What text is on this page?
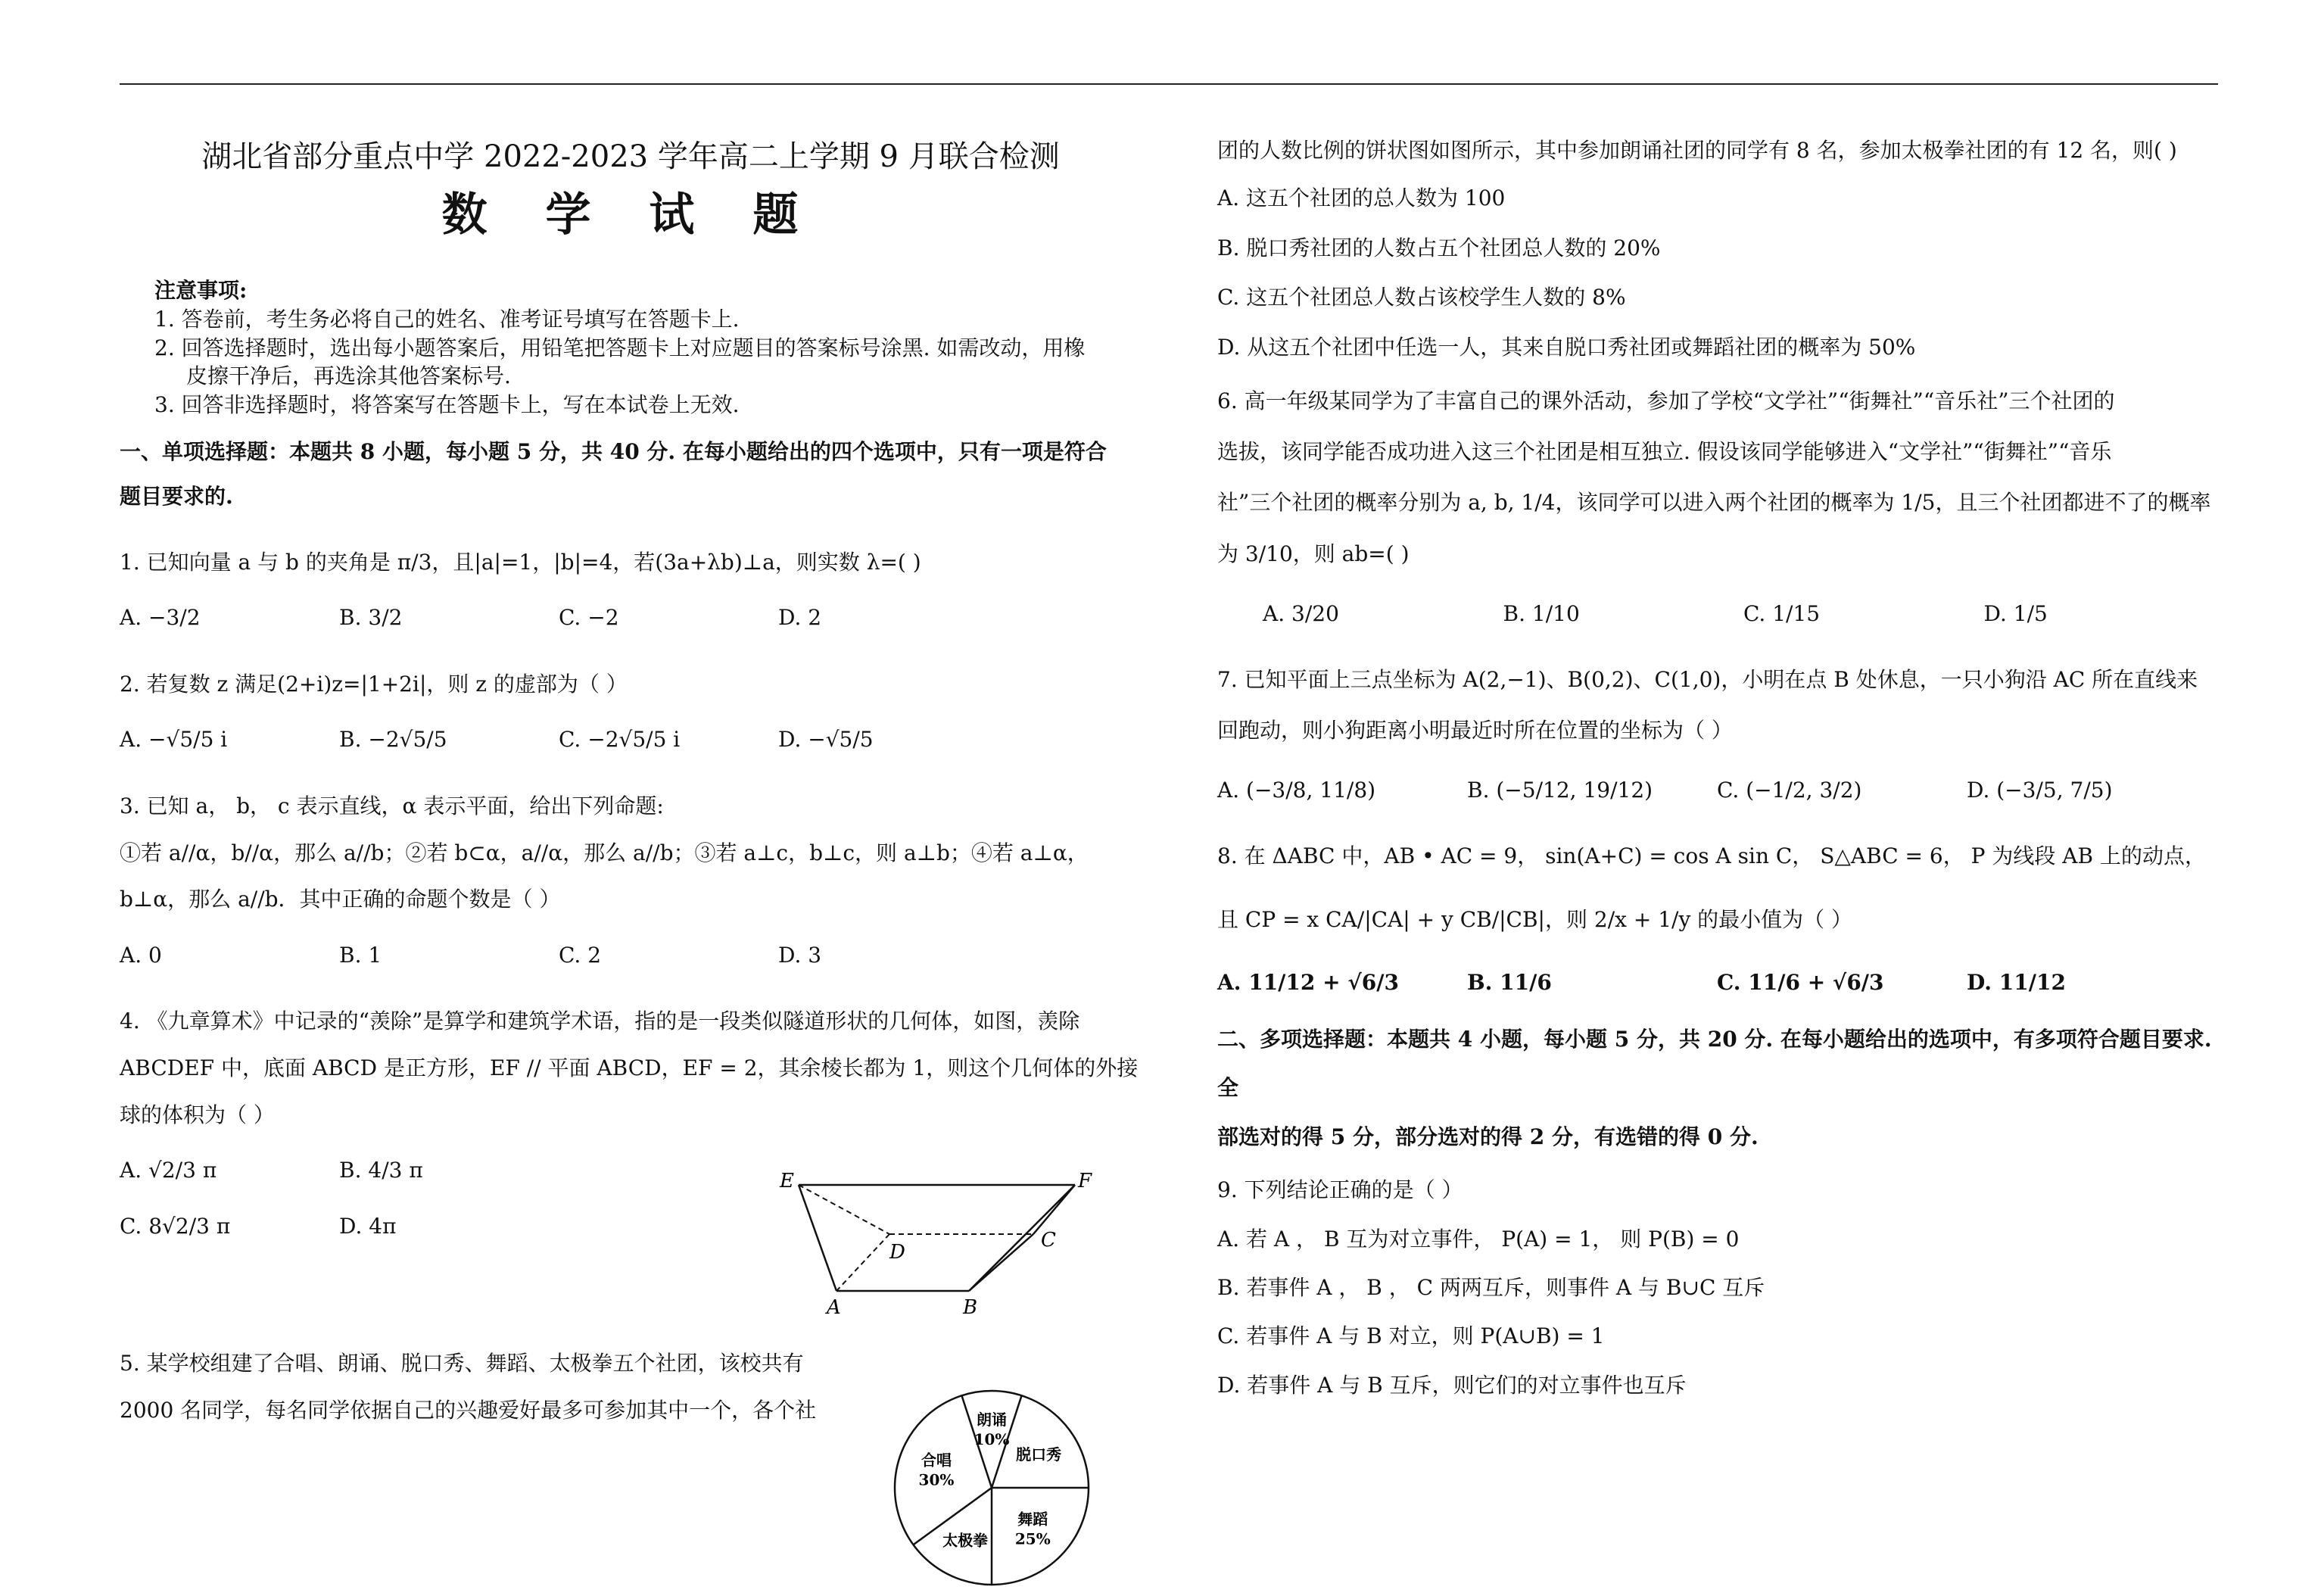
湖北省部分重点中学 2022-2023 学年高二上学期 9 月联合检测
数 学 试 题
注意事项:
1. 答卷前，考生务必将自己的姓名、准考证号填写在答题卡上.
2. 回答选择题时，选出每小题答案后，用铅笔把答题卡上对应题目的答案标号涂黑. 如需改动，用橡
皮擦干净后，再选涂其他答案标号.
3. 回答非选择题时，将答案写在答题卡上，写在本试卷上无效.
一、单项选择题：本题共 8 小题，每小题 5 分，共 40 分. 在每小题给出的四个选项中，只有一项是符合
题目要求的.
1. 已知向量 a 与 b 的夹角是 π/3，且|a|=1，|b|=4，若(3a+λb)⊥a，则实数 λ=( )
A. −3/2	B. 3/2	C. −2	D. 2
2. 若复数 z 满足(2+i)z=|1+2i|，则 z 的虚部为（ ）
A. −√5/5 i	B. −2√5/5	C. −2√5/5 i	D. −√5/5
3. 已知 a， b， c 表示直线，α 表示平面，给出下列命题:
①若 a//α，b//α，那么 a//b；②若 b⊂α，a//α，那么 a//b；③若 a⊥c，b⊥c，则 a⊥b；④若 a⊥α，
b⊥α，那么 a//b．其中正确的命题个数是（ ）
A. 0	B. 1	C. 2	D. 3
4. 《九章算术》中记录的“羡除”是算学和建筑学术语，指的是一段类似隧道形状的几何体，如图，羡除
ABCDEF 中，底面 ABCD 是正方形，EF // 平面 ABCD，EF = 2，其余棱长都为 1，则这个几何体的外接
球的体积为（ ）
A. √2/3 π	B. 4/3 π
C. 8√2/3 π	D. 4π
5. 某学校组建了合唱、朗诵、脱口秀、舞蹈、太极拳五个社团，该校共有
2000 名同学，每名同学依据自己的兴趣爱好最多可参加其中一个，各个社
E	F
D
C
A	B
朗诵
10%
脱口秀
舞蹈
25%
太极拳
合唱
30%
团的人数比例的饼状图如图所示，其中参加朗诵社团的同学有 8 名，参加太极拳社团的有 12 名，则( )
A. 这五个社团的总人数为 100
B. 脱口秀社团的人数占五个社团总人数的 20%
C. 这五个社团总人数占该校学生人数的 8%
D. 从这五个社团中任选一人，其来自脱口秀社团或舞蹈社团的概率为 50%
6. 高一年级某同学为了丰富自己的课外活动，参加了学校“文学社”“街舞社”“音乐社”三个社团的
选拔，该同学能否成功进入这三个社团是相互独立. 假设该同学能够进入“文学社”“街舞社”“音乐
社”三个社团的概率分别为 a, b, 1/4，该同学可以进入两个社团的概率为 1/5，且三个社团都进不了的概率
为 3/10，则 ab=( )
A. 3/20	B. 1/10	C. 1/15	D. 1/5
7. 已知平面上三点坐标为 A(2,−1)、B(0,2)、C(1,0)，小明在点 B 处休息，一只小狗沿 AC 所在直线来
回跑动，则小狗距离小明最近时所在位置的坐标为（ ）
A. (−3/8, 11/8)	B. (−5/12, 19/12)	C. (−1/2, 3/2)	D. (−3/5, 7/5)
8. 在 ΔABC 中，AB • AC = 9， sin(A+C) = cos A sin C， S△ABC = 6， P 为线段 AB 上的动点，
且 CP = x CA/|CA| + y CB/|CB|，则 2/x + 1/y 的最小值为（ ）
A. 11/12 + √6/3	B. 11/6	C. 11/6 + √6/3	D. 11/12
二、多项选择题：本题共 4 小题，每小题 5 分，共 20 分. 在每小题给出的选项中，有多项符合题目要求. 全
部选对的得 5 分，部分选对的得 2 分，有选错的得 0 分.
9. 下列结论正确的是（ ）
A. 若 A ， B 互为对立事件， P(A) = 1， 则 P(B) = 0
B. 若事件 A ， B ， C 两两互斥，则事件 A 与 B∪C 互斥
C. 若事件 A 与 B 对立，则 P(A∪B) = 1
D. 若事件 A 与 B 互斥，则它们的对立事件也互斥
